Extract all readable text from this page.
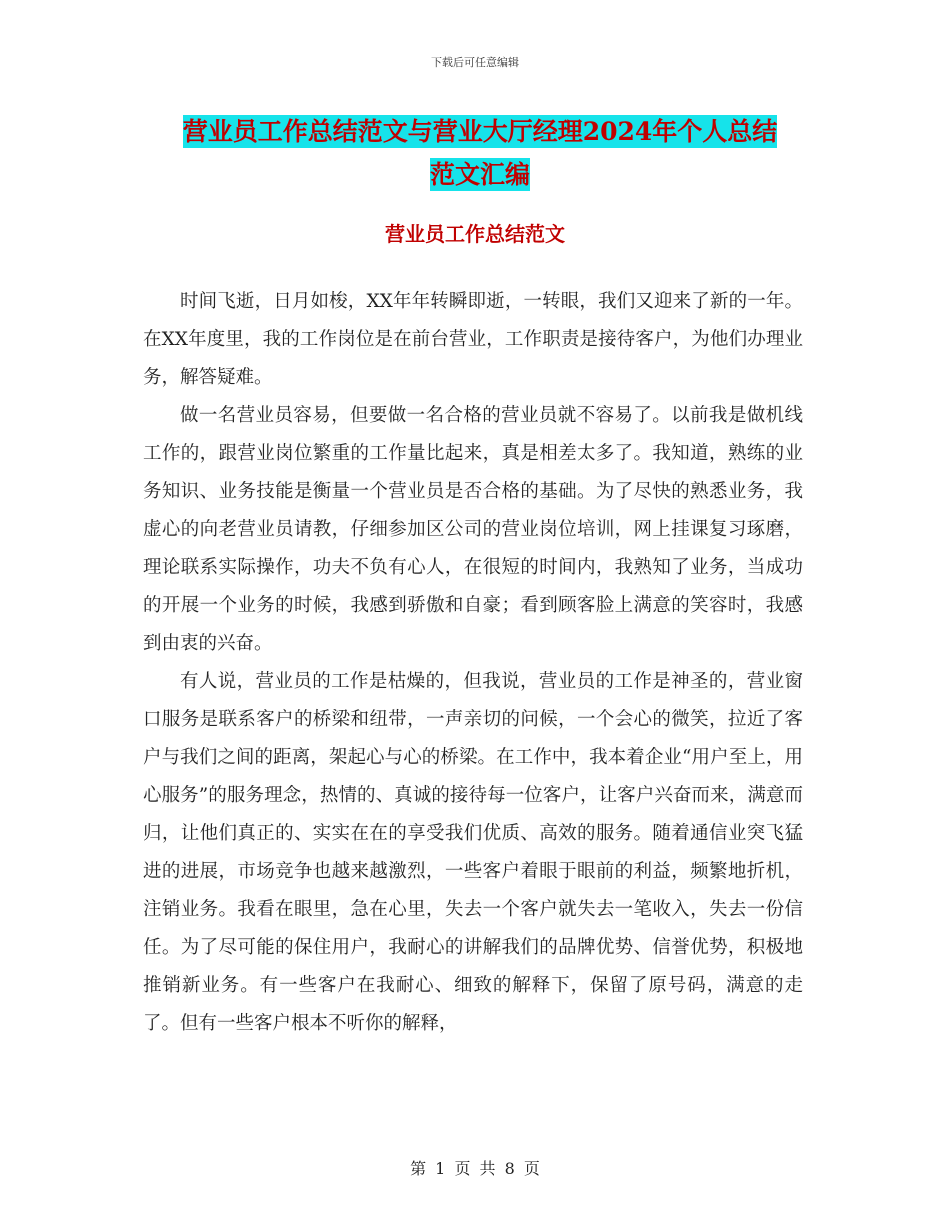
下载后可任意编辑
营业员工作总结范文与营业大厅经理2024年个人总结
范文汇编
营业员工作总结范文

时间飞逝，日月如梭，XX年年转瞬即逝，一转眼，我们又迎来了新的一年。在XX年度里，我的工作岗位是在前台营业，工作职责是接待客户，为他们办理业务，解答疑难。

做一名营业员容易，但要做一名合格的营业员就不容易了。以前我是做机线工作的，跟营业岗位繁重的工作量比起来，真是相差太多了。我知道，熟练的业务知识、业务技能是衡量一个营业员是否合格的基础。为了尽快的熟悉业务，我虚心的向老营业员请教，仔细参加区公司的营业岗位培训，网上挂课复习琢磨，理论联系实际操作，功夫不负有心人，在很短的时间内，我熟知了业务，当成功的开展一个业务的时候，我感到骄傲和自豪；看到顾客脸上满意的笑容时，我感到由衷的兴奋。

有人说，营业员的工作是枯燥的，但我说，营业员的工作是神圣的，营业窗口服务是联系客户的桥梁和纽带，一声亲切的问候，一个会心的微笑，拉近了客户与我们之间的距离，架起心与心的桥梁。在工作中，我本着企业“用户至上，用心服务”的服务理念，热情的、真诚的接待每一位客户，让客户兴奋而来，满意而归，让他们真正的、实实在在的享受我们优质、高效的服务。随着通信业突飞猛进的进展，市场竞争也越来越激烈，一些客户着眼于眼前的利益，频繁地折机，注销业务。我看在眼里，急在心里，失去一个客户就失去一笔收入，失去一份信任。为了尽可能的保住用户，我耐心的讲解我们的品牌优势、信誉优势，积极地推销新业务。有一些客户在我耐心、细致的解释下，保留了原号码，满意的走了。但有一些客户根本不听你的解释，

第 1 页 共 8 页
